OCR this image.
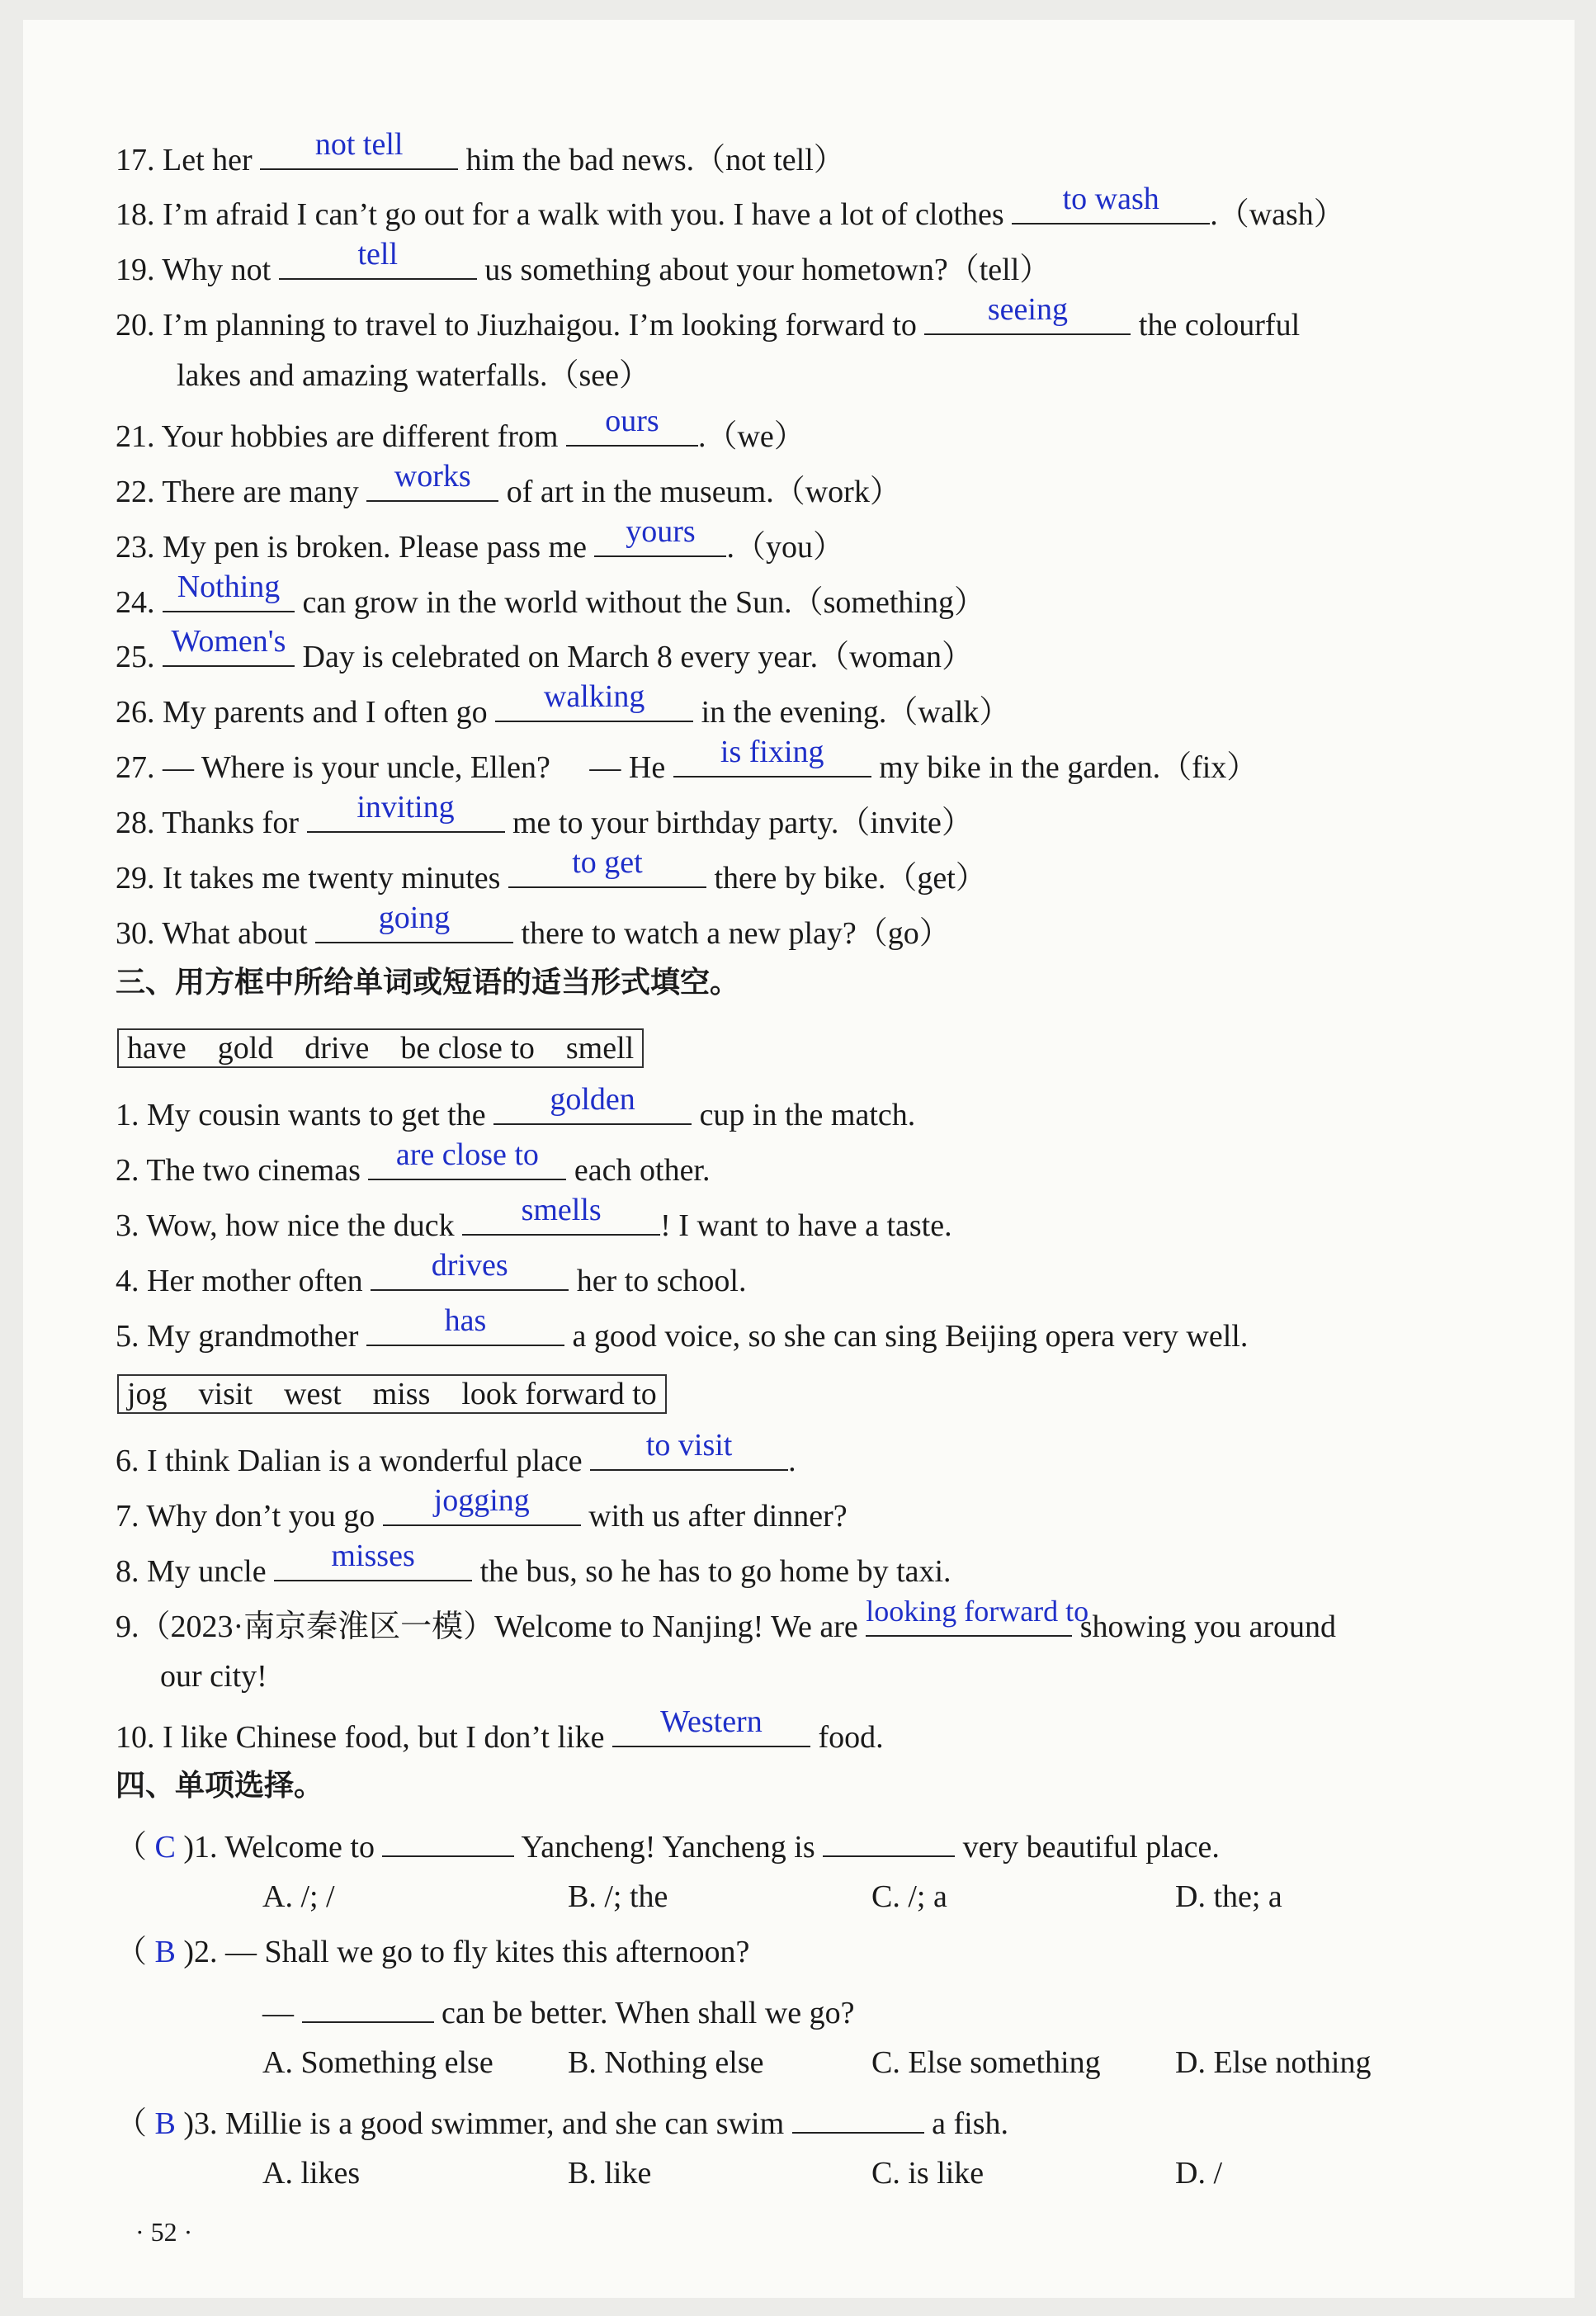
17. Let her	not tell	him the bad news.（not tell）
18. I’m afraid I can’t go out for a walk with you. I have a lot of clothes	to wash	.（wash）
19. Why not	tell	us something about your hometown?（tell）
20. I’m planning to travel to Jiuzhaigou. I’m looking forward to	seeing	the colourful
lakes and amazing waterfalls.（see）
21. Your hobbies are different from	ours	.（we）
22. There are many works of art in the museum.（work）
23. My pen is broken. Please pass me yours .（you）
24. Nothing can grow in the world without the Sun.（something）
25. Women's Day is celebrated on March 8 every year.（woman）
26. My parents and I often go	walking	in the evening.（walk）
27. — Where is your uncle, Ellen?　 — He	is fixing	my bike in the garden.（fix）
28. Thanks for	inviting	me to your birthday party.（invite）
29. It takes me twenty minutes	to get	there by bike.（get）
30. What about	going	there to watch a new play?（go）
三、用方框中所给单词或短语的适当形式填空。
have　gold　drive　be close to　smell
1. My cousin wants to get the	golden	cup in the match.
2. The two cinemas are close to each other.
3. Wow, how nice the duck	smells	! I want to have a taste.
4. Her mother often	drives	her to school.
5. My grandmother	has	a good voice, so she can sing Beijing opera very well.
jog　visit　west　miss　look forward to
6. I think Dalian is a wonderful place	to visit	.
7. Why don’t you go	jogging	with us after dinner?
8. My uncle	misses	the bus, so he has to go home by taxi.
9.（2023·南京秦淮区一模）Welcome to Nanjing! We are looking forward to
showing you around
our city!
10. I like Chinese food, but I don’t like	Western	food.
四、单项选择。
（ C )1. Welcome to	Yancheng! Yancheng is	very beautiful place.
A. /; /	B. /; the	C. /; a	D. the; a
（ B )2. — Shall we go to fly kites this afternoon?
—	can be better. When shall we go?
A. Something else B. Nothing else	C. Else something D. Else nothing
（ B )3. Millie is a good swimmer, and she can swim	a fish.
A. likes	B. like	C. is like	D. /
· 52 ·
